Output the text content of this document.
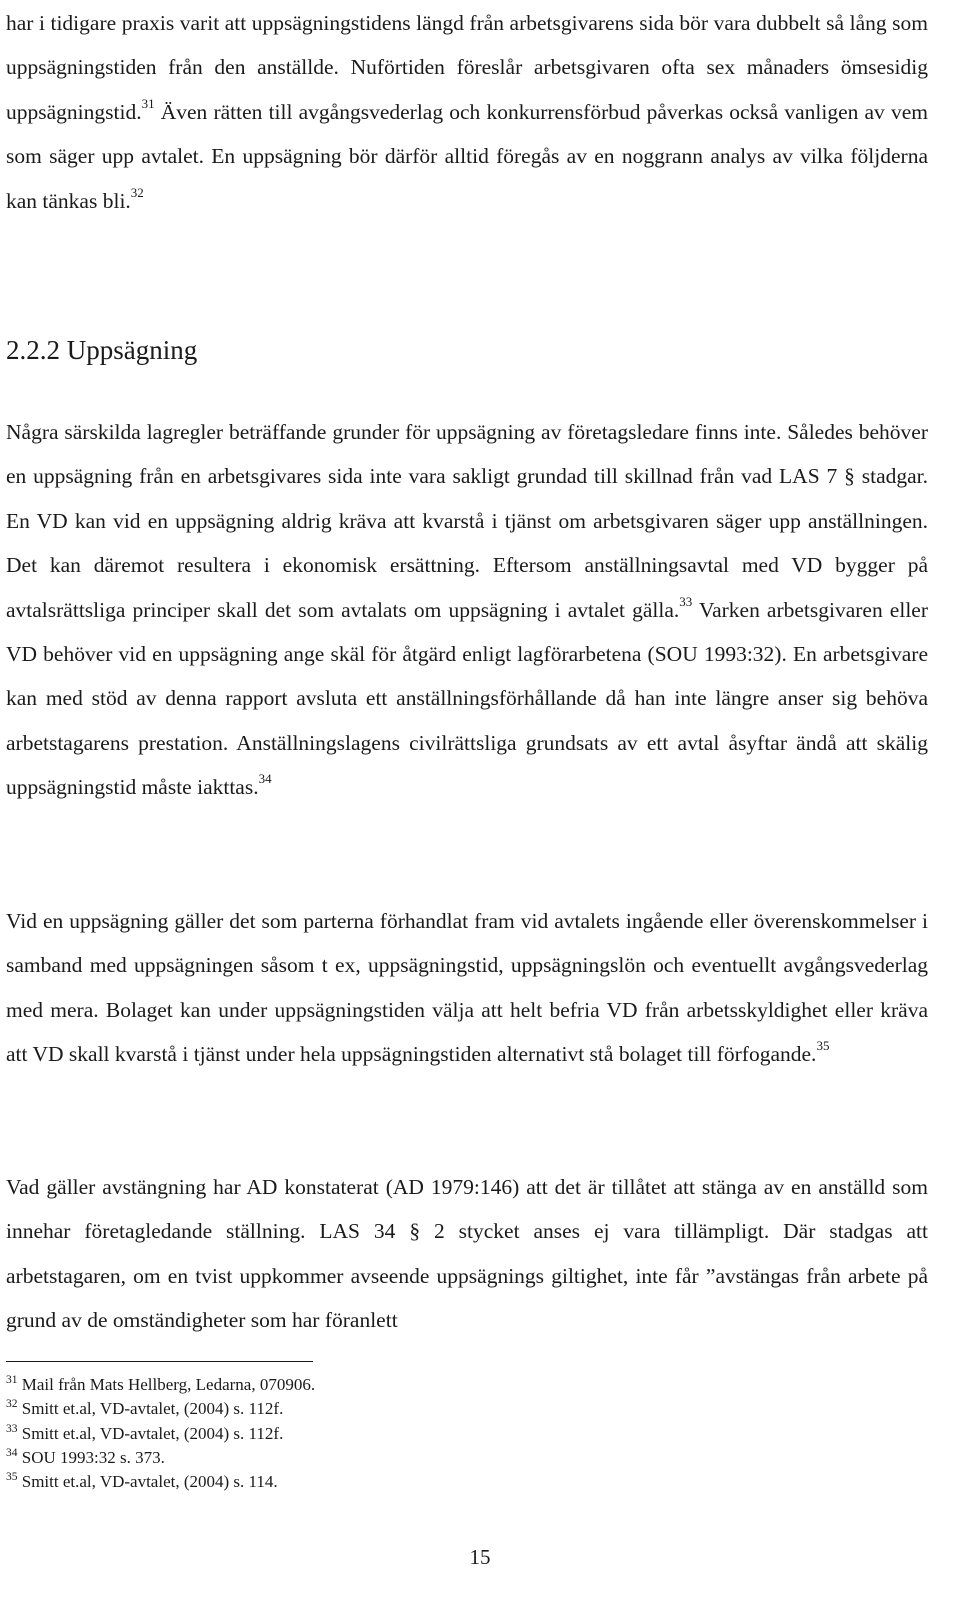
har i tidigare praxis varit att uppsägningstidens längd från arbetsgivarens sida bör vara dubbelt så lång som uppsägningstiden från den anställde. Nuförtiden föreslår arbetsgivaren ofta sex månaders ömsesidig uppsägningstid.$^{31}$ Även rätten till avgångsvederlag och konkurrensförbud påverkas också vanligen av vem som säger upp avtalet. En uppsägning bör därför alltid föregås av en noggrann analys av vilka följderna kan tänkas bli.$^{32}$

2.2.2 Uppsägning

Några särskilda lagregler beträffande grunder för uppsägning av företagsledare finns inte. Således behöver en uppsägning från en arbetsgivares sida inte vara sakligt grundad till skillnad från vad LAS 7 § stadgar. En VD kan vid en uppsägning aldrig kräva att kvarstå i tjänst om arbetsgivaren säger upp anställningen. Det kan däremot resultera i ekonomisk ersättning. Eftersom anställningsavtal med VD bygger på avtalsrättsliga principer skall det som avtalats om uppsägning i avtalet gälla.$^{33}$ Varken arbetsgivaren eller VD behöver vid en uppsägning ange skäl för åtgärd enligt lagförarbetena (SOU 1993:32). En arbetsgivare kan med stöd av denna rapport avsluta ett anställningsförhållande då han inte längre anser sig behöva arbetstagarens prestation. Anställningslagens civilrättsliga grundsats av ett avtal åsyftar ändå att skälig uppsägningstid måste iakttas.$^{34}$

Vid en uppsägning gäller det som parterna förhandlat fram vid avtalets ingående eller överenskommelser i samband med uppsägningen såsom t ex, uppsägningstid, uppsägningslön och eventuellt avgångsvederlag med mera. Bolaget kan under uppsägningstiden välja att helt befria VD från arbetsskyldighet eller kräva att VD skall kvarstå i tjänst under hela uppsägningstiden alternativt stå bolaget till förfogande.$^{35}$

Vad gäller avstängning har AD konstaterat (AD 1979:146) att det är tillåtet att stänga av en anställd som innehar företagledande ställning. LAS 34 § 2 stycket anses ej vara tillämpligt. Där stadgas att arbetstagaren, om en tvist uppkommer avseende uppsägnings giltighet, inte får ”avstängas från arbete på grund av de omständigheter som har föranlett

$^{31}$ Mail från Mats Hellberg, Ledarna, 070906.

$^{32}$ Smitt et.al, VD-avtalet, (2004) s. 112f.

$^{33}$ Smitt et.al, VD-avtalet, (2004) s. 112f.

$^{34}$ SOU 1993:32 s. 373.

$^{35}$ Smitt et.al, VD-avtalet, (2004) s. 114.

15
